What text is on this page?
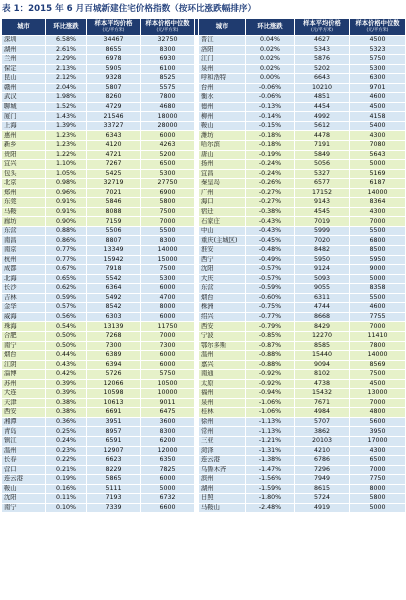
表 1：2015 年 6 月百城新建住宅价格指数（按环比涨跌幅排序）
城市	环比涨跌	样本平均价格
(元/平方米)	样本价格中位数
(元/平方米)		城市	环比涨跌	样本平均价格
(元/平方米)	样本价格中位数
(元/平方米)

深圳	6.58%	34467	32750		晋江	0.04%	4627	4500
湖州	2.61%	8655	8300		洛阳	0.02%	5343	5323
兰州	2.29%	6978	6930		江门	0.02%	5876	5750
保定	2.13%	5905	6100		泉州	0.02%	5202	5300
昆山	2.12%	9328	8525		呼和浩特	0.00%	6643	6300
赣州	2.04%	5807	5575		台州	-0.06%	10210	9701
武汉	1.98%	8260	7800		衡水	-0.06%	4851	4600
聊城	1.52%	4729	4680		德州	-0.13%	4454	4500
厦门	1.43%	21546	18000		柳州	-0.14%	4992	4158
上海	1.39%	33727	28000		鞍山	-0.15%	5612	5400
惠州	1.23%	6343	6000		潍坊	-0.18%	4478	4300
新乡	1.23%	4120	4263		哈尔滨	-0.18%	7191	7080
贵阳	1.22%	4721	5200		唐山	-0.19%	5849	5643
宜兴	1.10%	7267	6500		扬州	-0.24%	5056	5000
包头	1.05%	5425	5300		宜昌	-0.24%	5327	5169
北京	0.98%	32719	27750		秦皇岛	-0.26%	6577	6187
郑州	0.96%	7021	6900		广州	-0.27%	17152	14000
东莞	0.91%	5846	5800		海口	-0.27%	9143	8364
马鞍	0.91%	8088	7500		宿迁	-0.38%	4545	4300
廊坊	0.90%	7159	7000		石家庄	-0.43%	7019	7000
东营	0.88%	5506	5500		中山	-0.43%	5999	5500
南昌	0.86%	8807	8300		重庆(主城区)	-0.45%	7020	6800
南京	0.77%	13349	14000		淮安	-0.48%	8482	8500
杭州	0.77%	15942	15000		西宁	-0.49%	5950	5950
成都	0.67%	7918	7500		沈阳	-0.57%	9124	9000
北海	0.65%	5542	5300		大庆	-0.57%	5093	5000
长沙	0.62%	6364	6000		东营	-0.59%	9055	8358
吉林	0.59%	5492	4700		烟台	-0.60%	6311	5500
金华	0.57%	8542	8000		株洲	-0.75%	4744	4600
威海	0.56%	6303	6000		绍兴	-0.77%	8668	7755
珠海	0.54%	13139	11750		西安	-0.79%	8429	7000
合肥	0.50%	7268	7000		宁波	-0.85%	12270	11410
南宁	0.50%	7300	7300		鄂尔多斯	-0.87%	8585	7800
烟台	0.44%	6389	6000		温州	-0.88%	15440	14000
江阴	0.43%	6394	6000		嘉兴	-0.88%	9094	8569
淄博	0.42%	5726	5750		南通	-0.92%	8102	7500
苏州	0.39%	12066	10500		太原	-0.92%	4738	4500
大连	0.39%	10598	10000		福州	-0.94%	15432	13000
天津	0.38%	10613	9011		泉州	-1.06%	7671	7000
西安	0.38%	6691	6475		桂林	-1.06%	4984	4800
湘潭	0.36%	3951	3600		徐州	-1.13%	5707	5600
青岛	0.25%	8957	8300		常州	-1.13%	3862	3950
镇江	0.24%	6591	6200		三亚	-1.21%	20103	17000
温州	0.23%	12907	12000		菏泽	-1.31%	4210	4300
长春	0.22%	6623	6350		连云港	-1.38%	6786	6500
营口	0.21%	8229	7825		乌鲁木齐	-1.47%	7296	7000
连云港	0.19%	5865	6000		滨州	-1.56%	7949	7750
鞍山	0.16%	5111	5000		湖州	-1.59%	8615	8000
沈阳	0.11%	7193	6732		日照	-1.80%	5724	5800
南宁	0.10%	7339	6600		马鞍山	-2.48%	4919	5000
